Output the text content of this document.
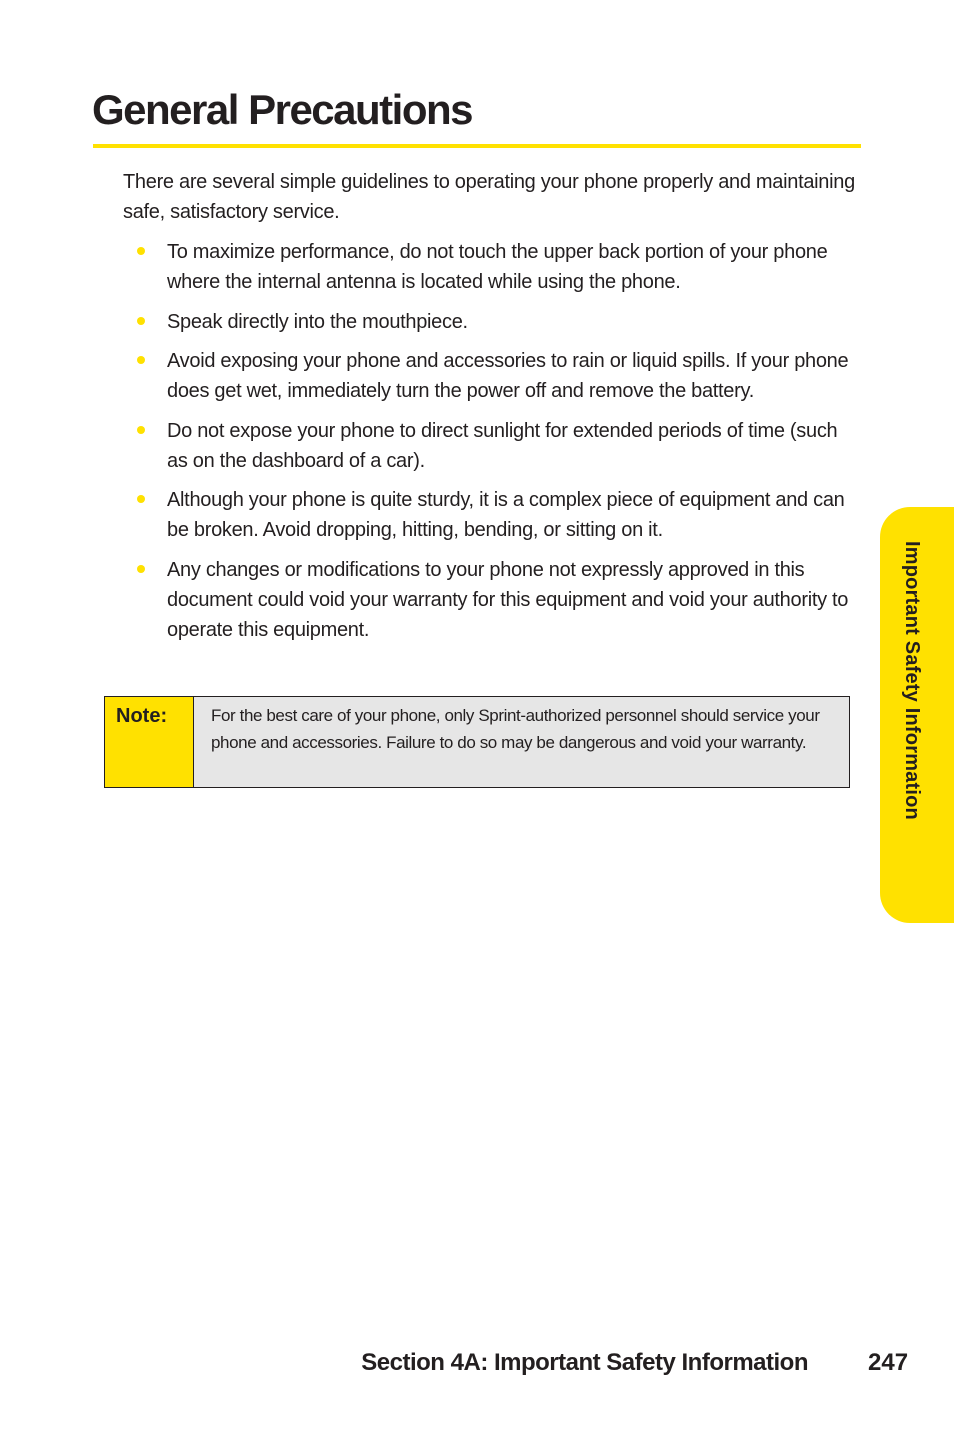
General Precautions

There are several simple guidelines to operating your phone properly and maintaining safe, satisfactory service.

To maximize performance, do not touch the upper back portion of your phone where the internal antenna is located while using the phone.
Speak directly into the mouthpiece.
Avoid exposing your phone and accessories to rain or liquid spills. If your phone does get wet, immediately turn the power off and remove the battery.
Do not expose your phone to direct sunlight for extended periods of time (such as on the dashboard of a car).
Although your phone is quite sturdy, it is a complex piece of equipment and can be broken. Avoid dropping, hitting, bending, or sitting on it.
Any changes or modifications to your phone not expressly approved in this document could void your warranty for this equipment and void your authority to operate this equipment.
Note:	For the best care of your phone, only Sprint-authorized personnel should service your phone and accessories. Failure to do so may be dangerous and void your warranty.	Important Safety Information
Section 4A: Important Safety Information	247
